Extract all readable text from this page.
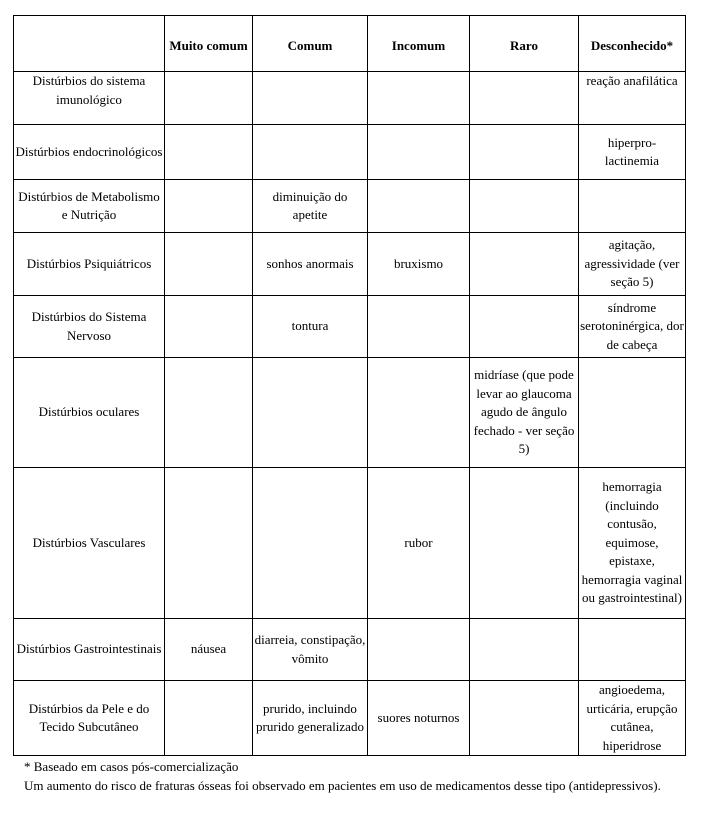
	Muito comum	Comum	Incomum	Raro	Desconhecido*
Distúrbios do sistema imunológico					reação anafilática
Distúrbios endocrinológicos					hiperpro-lactinemia
Distúrbios de Metabolismo e Nutrição		diminuição do apetite			
Distúrbios Psiquiátricos		sonhos anormais	bruxismo		agitação, agressividade (ver seção 5)
Distúrbios do Sistema Nervoso		tontura			síndrome serotoninérgica, dor de cabeça
Distúrbios oculares				midríase (que pode levar ao glaucoma agudo de ângulo fechado - ver seção 5)	
Distúrbios Vasculares			rubor		hemorragia (incluindo contusão, equimose, epistaxe, hemorragia vaginal ou gastrointestinal)
Distúrbios Gastrointestinais	náusea	diarreia, constipação, vômito			
Distúrbios da Pele e do Tecido Subcutâneo		prurido, incluindo prurido generalizado	suores noturnos		angioedema, urticária, erupção cutânea, hiperidrose

* Baseado em casos pós-comercialização

Um aumento do risco de fraturas ósseas foi observado em pacientes em uso de medicamentos desse tipo (antidepressivos).
